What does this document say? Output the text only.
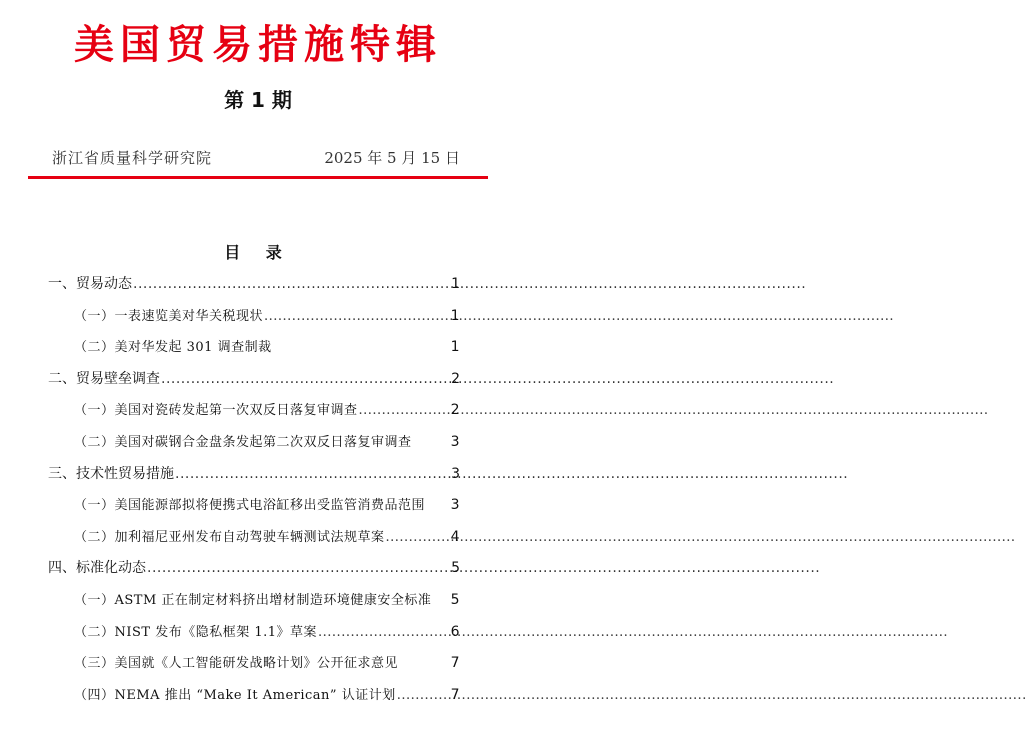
美国贸易措施特辑
第 1 期
浙江省质量科学研究院	2025 年 5 月 15 日
目 录
一、贸易动态 .....	1
（一）一表速览美对华关税现状 .....	1
（二）美对华发起 301 调查制裁	1
二、贸易壁垒调查 .....	2
（一）美国对瓷砖发起第一次双反日落复审调查 .....	2
（二）美国对碳钢合金盘条发起第二次双反日落复审调查	3
三、技术性贸易措施 .....	3
（一）美国能源部拟将便携式电浴缸移出受监管消费品范围 3
（二）加利福尼亚州发布自动驾驶车辆测试法规草案 .....	4
四、标准化动态 .....	5
（一）ASTM 正在制定材料挤出增材制造环境健康安全标准 5
（二）NIST 发布《隐私框架 1.1》草案 .....	6
（三）美国就《人工智能研发战略计划》公开征求意见	7
（四）NEMA 推出 “Make It American” 认证计划 .....	7
